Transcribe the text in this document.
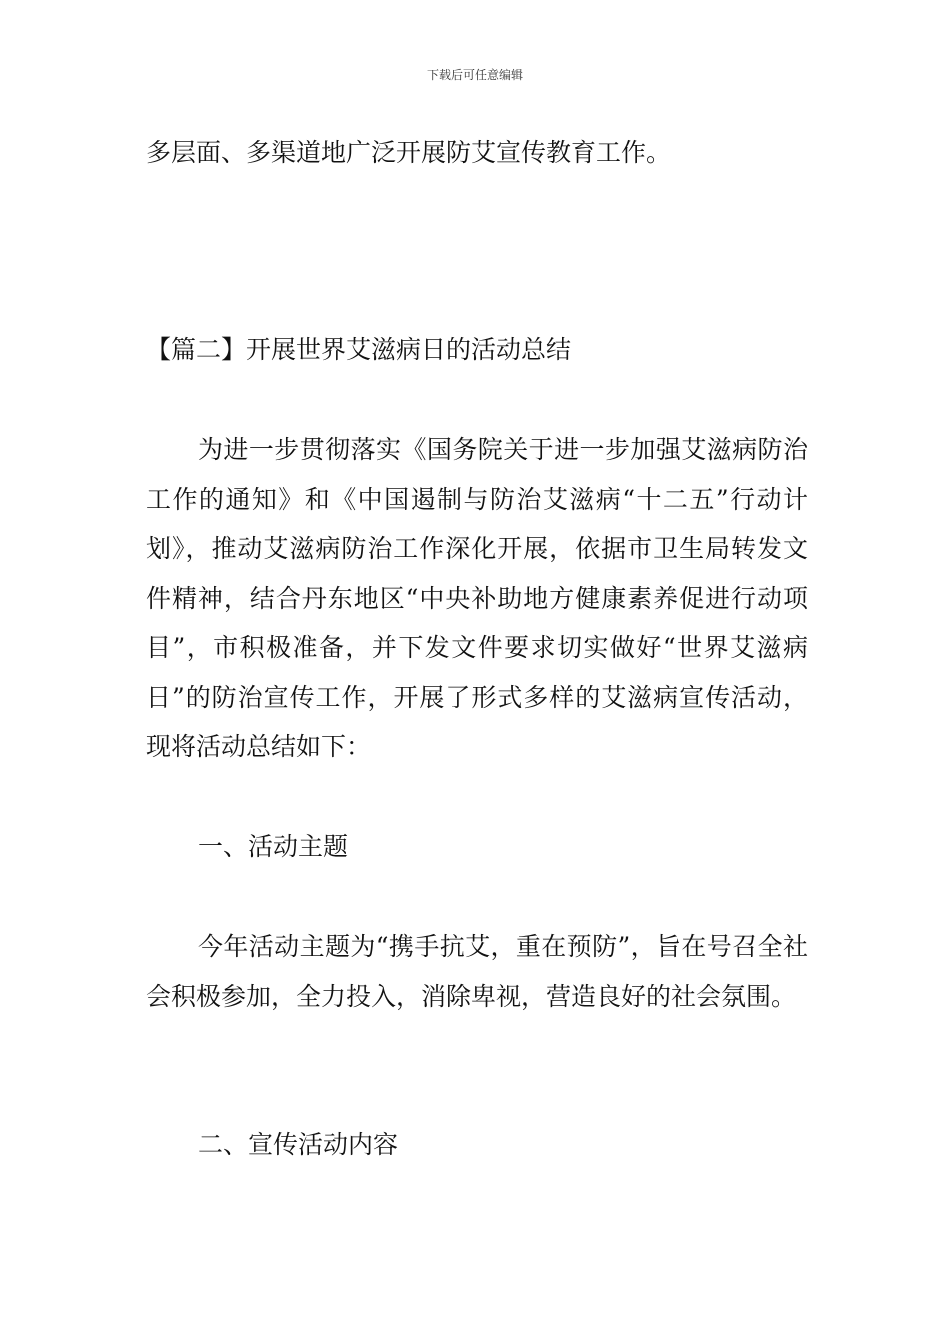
下载后可任意编辑

多层面、多渠道地广泛开展防艾宣传教育工作。

【篇二】开展世界艾滋病日的活动总结

为进一步贯彻落实《国务院关于进一步加强艾滋病防治工作的通知》和《中国遏制与防治艾滋病“十二五”行动计划》，推动艾滋病防治工作深化开展，依据市卫生局转发文件精神，结合丹东地区“中央补助地方健康素养促进行动项目”，市积极准备，并下发文件要求切实做好“世界艾滋病日”的防治宣传工作，开展了形式多样的艾滋病宣传活动，现将活动总结如下：

一、活动主题

今年活动主题为“携手抗艾，重在预防”，旨在号召全社会积极参加，全力投入，消除卑视，营造良好的社会氛围。

二、宣传活动内容
